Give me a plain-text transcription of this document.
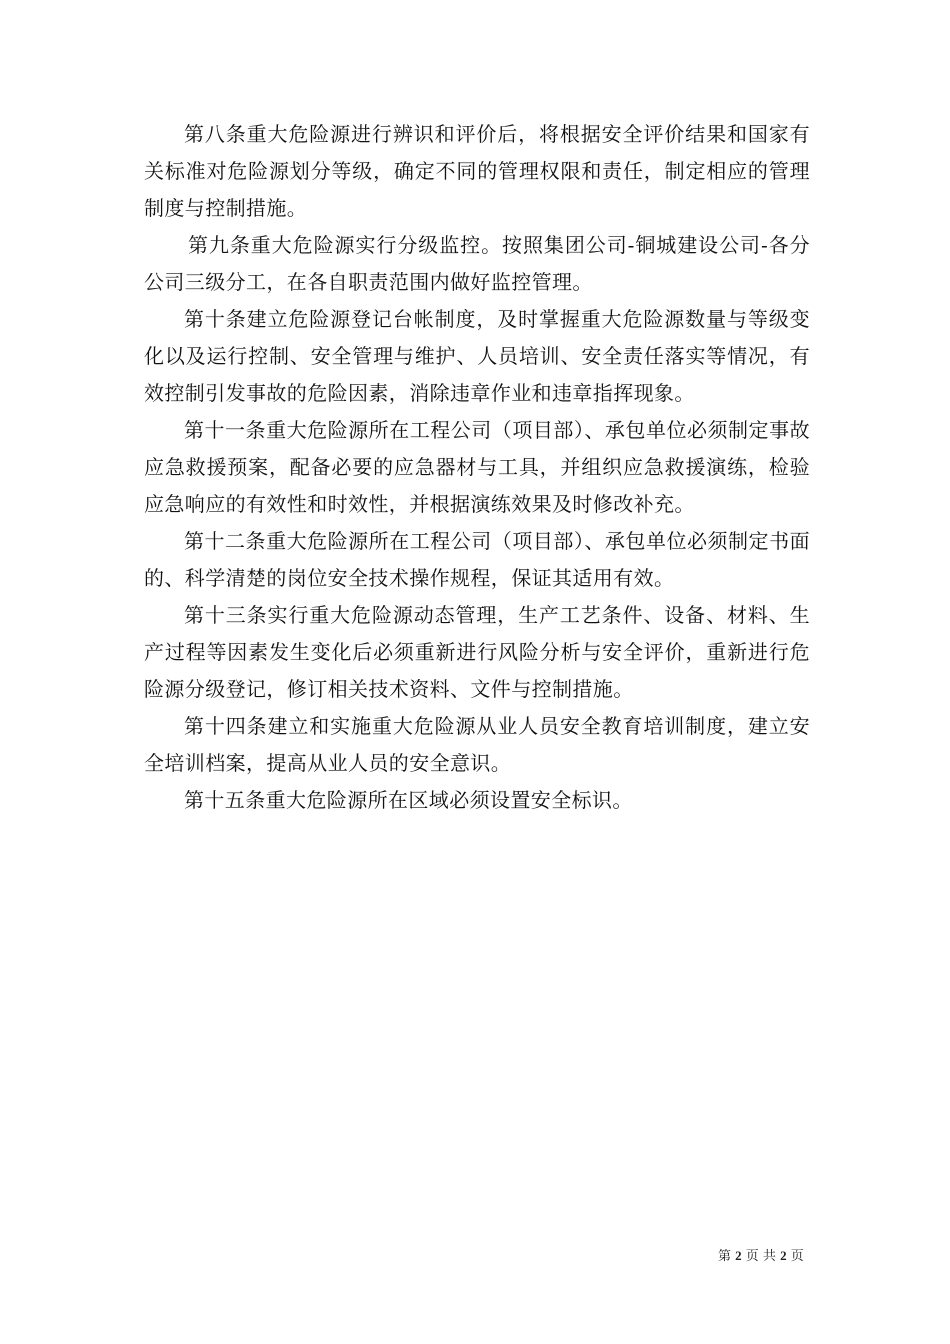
第八条重大危险源进行辨识和评价后，将根据安全评价结果和国家有关标准对危险源划分等级，确定不同的管理权限和责任，制定相应的管理制度与控制措施。

第九条重大危险源实行分级监控。按照集团公司-铜城建设公司-各分公司三级分工，在各自职责范围内做好监控管理。

第十条建立危险源登记台帐制度，及时掌握重大危险源数量与等级变化以及运行控制、安全管理与维护、人员培训、安全责任落实等情况，有效控制引发事故的危险因素，消除违章作业和违章指挥现象。

第十一条重大危险源所在工程公司（项目部）、承包单位必须制定事故应急救援预案，配备必要的应急器材与工具，并组织应急救援演练，检验应急响应的有效性和时效性，并根据演练效果及时修改补充。

第十二条重大危险源所在工程公司（项目部）、承包单位必须制定书面的、科学清楚的岗位安全技术操作规程，保证其适用有效。

第十三条实行重大危险源动态管理，生产工艺条件、设备、材料、生产过程等因素发生变化后必须重新进行风险分析与安全评价，重新进行危险源分级登记，修订相关技术资料、文件与控制措施。

第十四条建立和实施重大危险源从业人员安全教育培训制度，建立安全培训档案，提高从业人员的安全意识。

第十五条重大危险源所在区域必须设置安全标识。

第 2 页 共 2 页
